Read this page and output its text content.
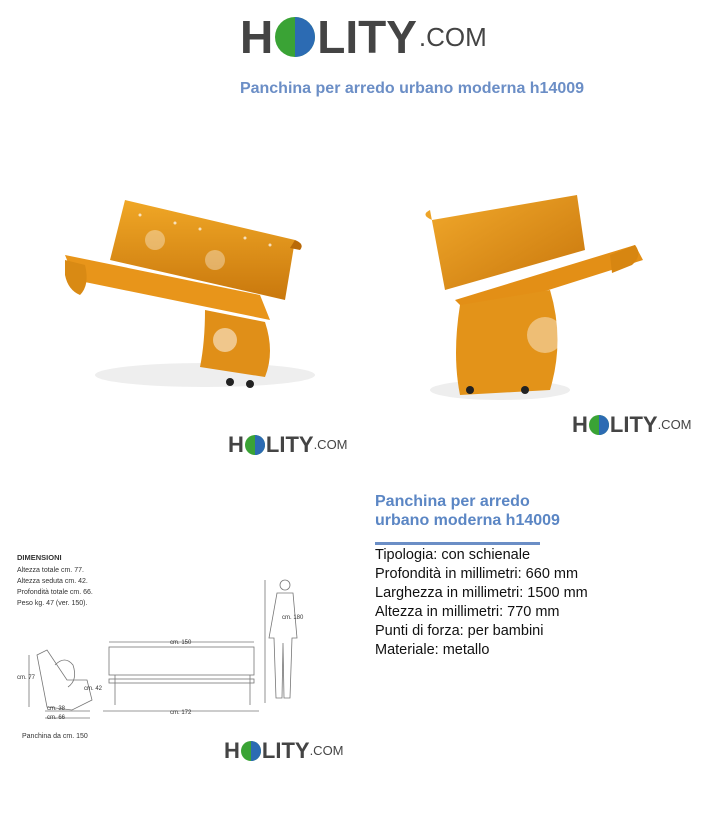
H LITY .COM
Panchina per arredo urbano moderna h14009
H LITY .COM
H LITY .COM
H LITY .COM
DIMENSIONI
Altezza totale cm. 77.
Altezza seduta cm. 42.
Profondità totale cm. 66.
Peso kg. 47 (ver. 150).
cm. 77
cm. 42
cm. 38
cm. 66
cm. 150
cm. 172
cm. 180
Panchina da cm. 150
Panchina per arredo
urbano moderna h14009
Tipologia: con schienale
Profondità in millimetri: 660 mm
Larghezza in millimetri: 1500 mm
Altezza in millimetri: 770 mm
Punti di forza: per bambini
Materiale: metallo
